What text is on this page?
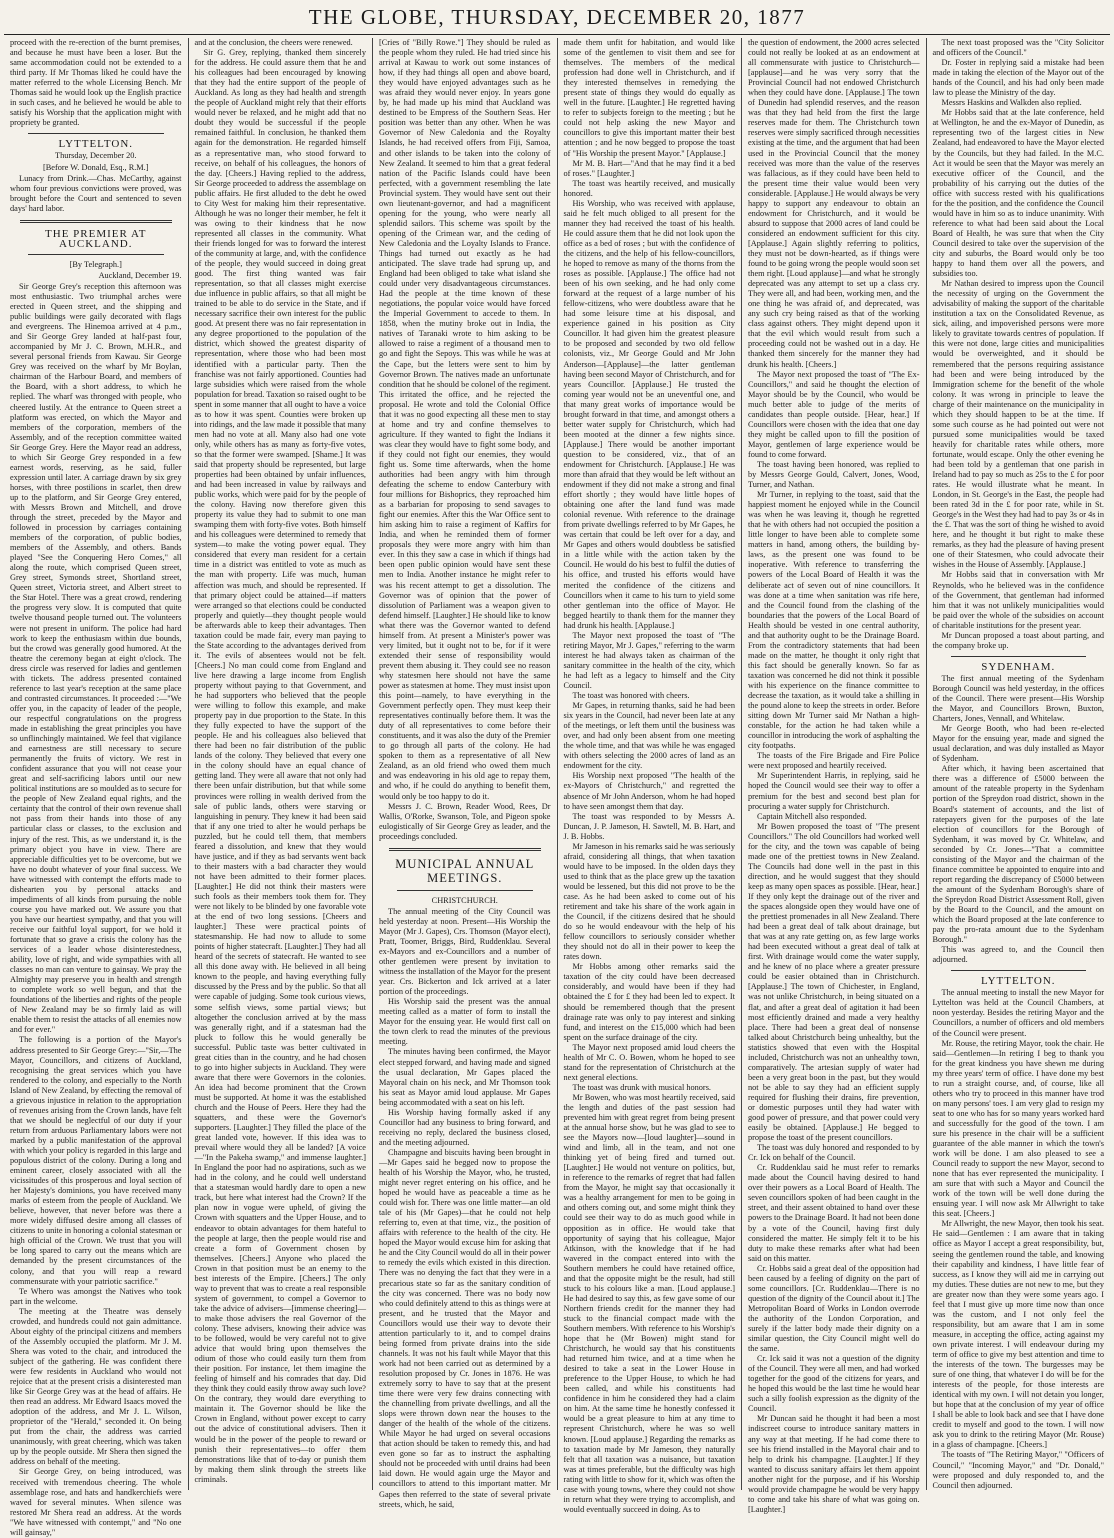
THE GLOBE, THURSDAY, DECEMBER 20, 1877

proceed with the re-erection of the burnt premises, and because he must have been a loser. But the same accommodation could not be extended to a third party. If Mr Thomas liked he could have the matter referred to the whole Licensing Bench. Mr Thomas said he would look up the English practice in such cases, and he believed he would be able to satisfy his Worship that the application might with propriety be granted.

LYTTELTON.
Thursday, December 20.
[Before W. Donald, Esq., R.M.]

Lunacy from Drink.—Chas. McCarthy, against whom four previous convictions were proved, was brought before the Court and sentenced to seven days' hard labor.

THE PREMIER AT AUCKLAND.
[By Telegraph.]
Auckland, December 19.

Sir George Grey's reception this afternoon was most enthusiastic. Two triumphal arches were erected in Queen street, and the shipping and public buildings were gaily decorated with flags and evergreens. The Hinemoa arrived at 4 p.m., and Sir George Grey landed at half-past four, accompanied by Mr J. C. Brown, M.H.R., and several personal friends from Kawau. Sir George Grey was received on the wharf by Mr Boylan, chairman of the Harbour Board, and members of the Board, with a short address, to which he replied. The wharf was thronged with people, who cheered lustily. At the entrance to Queen street a platform was erected, on which the Mayor and members of the corporation, members of the Assembly, and of the reception committee waited Sir George Grey. Here the Mayor read an address, to which Sir George Grey responded in a few earnest words, reserving, as he said, fuller expression until later. A carriage drawn by six grey horses, with three postilions in scarlet, then drew up to the platform, and Sir George Grey entered, with Messrs Brown and Mitchell, and drove through the street, preceded by the Mayor and followed in procession by carriages containing members of the corporation, of public bodies, members of the Assembly, and others. Bands played "See the Conquering Hero Comes," all along the route, which comprised Queen street, Grey street, Symonds street, Shortland street, Queen street, Victoria street, and Albert street to the Star Hotel. There was a great crowd, rendering the progress very slow. It is computed that quite twelve thousand people turned out. The volunteers were not present in uniform. The police had hard work to keep the enthusiasm within due bounds, but the crowd was generally good humored. At the theatre the ceremony began at eight o'clock. The dress circle was reserved for ladies and gentlemen with tickets. The address presented contained reference to last year's reception at the same place and contrasted circumstances. It proceeded :—"We offer you, in the capacity of leader of the people, our respectful congratulations on the progress made in establishing the great principles you have so unflinchingly maintained. We feel that vigilance and earnestness are still necessary to secure permanently the fruits of victory. We rest in confident assurance that you will not cease your great and self-sacrificing labors until our new political institutions are so moulded as to secure for the people of New Zealand equal rights, and the certainty that the control of their own revenue shall not pass from their hands into those of any particular class or classes, to the exclusion and injury of the rest. This, as we understand it, is the primary object you have in view. There are appreciable difficulties yet to be overcome, but we have no doubt whatever of your final success. We have witnessed with contempt the efforts made to dishearten you by personal attacks and impediments of all kinds from pursuing the noble course you have marked out. We assure you that you have our heartiest sympathy, and that you will receive our faithful loyal support, for we hold it fortunate that so grave a crisis the colony has the services of a leader whose disinterestedness, ability, love of right, and wide sympathies with all classes no man can venture to gainsay. We pray the Almighty may preserve you in health and strength to complete work so well begun, and that the foundations of the liberties and rights of the people of New Zealand may be so firmly laid as will enable them to resist the attacks of all enemies now and for ever."

The following is a portion of the Mayor's address presented to Sir George Grey:—"Sir,—The Mayor, Councillors, and citizens of Auckland, recognising the great services which you have rendered to the colony, and especially to the North Island of New Zealand, by effecting the removal of a grievous injustice in relation to the appropriation of revenues arising from the Crown lands, have felt that we should be neglectful of our duty if your return from arduous Parliamentary labors were not marked by a public manifestation of the approval with which your policy is regarded in this large and populous district of the colony. During a long and eminent career, closely associated with all the vicissitudes of this prosperous and loyal section of her Majesty's dominions, you have received many marks of esteem from the people of Auckland. We believe, however, that never before was there a more widely diffused desire among all classes of citizens to unite in honoring a colonial statesman or high official of the Crown. We trust that you will be long spared to carry out the means which are demanded by the present circumstances of the colony, and that you will reap a reward commensurate with your patriotic sacrifice."

Te Whero was amongst the Natives who took part in the welcome.

The meeting at the Theatre was densely crowded, and hundreds could not gain admittance. About eighty of the principal citizens and members of the Assembly occupied the platform. Mr J. M. Shera was voted to the chair, and introduced the subject of the gathering. He was confident there were few residents in Auckland who would not rejoice that at the present crisis a disinterested man like Sir George Grey was at the head of affairs. He then read an address. Mr Edward Isaacs moved the adoption of the address, and Mr J. L. Wilson, proprietor of the "Herald," seconded it. On being put from the chair, the address was carried unanimously, with great cheering, which was taken up by the people outside. Mr Shera then signed the address on behalf of the meeting.

Sir George Grey, on being introduced, was received with tremendous cheering. The whole assemblage rose, and hats and handkerchiefs were waved for several minutes. When silence was restored Mr Shera read an address. At the words "We have witnessed with contempt," and "No one will gainsay,"

and at the conclusion, the cheers were renewed.

Sir G. Grey, replying, thanked them sincerely for the address. He could assure them that he and his colleagues had been encouraged by knowing that they had the entire support of the people of Auckland. As long as they had health and strength the people of Auckland might rely that their efforts would never be relaxed, and he might add that no doubt they would be successful if the people remained faithful. In conclusion, he thanked them again for the demonstration. He regarded himself as a representative man, who stood forward to receive, on behalf of his colleagues, the honors of the day. [Cheers.] Having replied to the address, Sir George proceeded to address the assemblage on public affairs. He first alluded to the debt he owed to City West for making him their representative. Although he was no longer their member, he felt it was owing to their kindness that he now represented all classes in the community. What their friends longed for was to forward the interest of the community at large, and, with the confidence of the people, they would succeed in doing great good. The first thing wanted was fair representation, so that all classes might exercise due influence in public affairs, so that all might be trained to be able to do service in the State, and if necessary sacrifice their own interest for the public good. At present there was no fair representation in any degree proportioned to the population of the district, which showed the greatest disparity of representation, where those who had been most identified with a particular party. Then the franchise was not fairly apportioned. Counties had large subsidies which were raised from the whole population for bread. Taxation so raised ought to be spent in some manner that all ought to have a voice as to how it was spent. Counties were broken up into ridings, and the law made it possible that many men had no vote at all. Many also had one vote only, while others has as many as forty-five votes, so that the former were swamped. [Shame.] It was said that property should be represented, but large properties had been obtained by unfair influences, and had been increased in value by railways and public works, which were paid for by the people of the colony. Having now therefore given this property its value they had to submit to one man swamping them with forty-five votes. Both himself and his colleagues were determined to remedy that system—to make the voting power equal. They considered that every man resident for a certain time in a district was entitled to vote as much as the man with property. Life was much, human affection was much, and should be represented. If that primary object could be attained—if matters were arranged so that elections could be conducted properly and quietly—they thought people would be afterwards able to keep their advantages. Then taxation could be made fair, every man paying to the State according to the advantages derived from it. The evils of absentees would not be felt. [Cheers.] No man could come from England and live here drawing a large income from English property without paying to that Government, and he had supporters who believed that the people were willing to follow this example, and make property pay in due proportion to the State. In this they fully expected to have the support of the people. He and his colleagues also believed that there had been no fair distribution of the public lands of the colony. They believed that every one in the colony should have an equal chance of getting land. They were all aware that not only had there been unfair distribution, but that while some provinces were rolling in wealth derived from the sale of public lands, others were starving or languishing in penury. They knew it had been said that if any one tried to alter he would perhaps be puzzled, but he could tell them, that members feared a dissolution, and knew that they would have justice, and if they as bad servants went back to their masters with a bad character they would not have been admitted to their former places. [Laughter.] He did not think their masters were such fools as their members took them for. They were not likely to be blinded by one favorable vote at the end of two long sessions. [Cheers and laughter.] These were practical points of statesmanship. He had now to allude to some points of higher statecraft. [Laughter.] They had all heard of the secrets of statecraft. He wanted to see all this done away with. He believed in all being known to the people, and having everything fully discussed by the Press and by the public. So that all were capable of judging. Some took curious views, some selfish views, some partial views; but altogether the conclusion arrived at by the mass was generally right, and if a statesman had the pluck to follow this he would generally be successful. Public taste was better cultivated in great cities than in the country, and he had chosen to go into higher subjects in Auckland. They were aware that there were Governors in the colonies. An idea had become prominent that the Crown must be supported. At home it was the established church and the House of Peers. Here they had the squatters, and these were the Governor's supporters. [Laughter.] They filled the place of the great landed vote, however. If this idea was to prevail where would they all be landed? [A voice—"In the Pakeha swamp," and immense laughter.] In England the poor had no aspirations, such as we had in the colony, and he could well understand that a statesman would hardly dare to open a new track, but here what interest had the Crown? If the plan now in vogue were upheld, of giving the Crown with squatters and the Upper House, and to endeavor to obtain advantages for them hateful to the people at large, then the people would rise and create a form of Government chosen by themselves. [Cheers.] Anyone who placed the Crown in that position must be an enemy to the best interests of the Empire. [Cheers.] The only way to prevent that was to create a real responsible system of government, to compel a Governor to take the advice of advisers—[immense cheering]—to make those advisers the real Governor of the colony. These advisers, knowing their advice was to be followed, would be very careful not to give advice that would bring upon themselves the odium of those who could easily turn them from their position. For instance, let them imagine the feeling of himself and his comrades that day. Did they think they could easily throw away such love? On the contrary, they would dare everything to maintain it. The Governor should be like the Crown in England, without power except to carry out the advice of constitutional advisers. Then it would be in the power of the people to reward or punish their representatives—to offer them demonstrations like that of to-day or punish them by making them slink through the streets like criminals.

[Cries of "Billy Rowe."] They should be ruled as the people whom they ruled. He had tried since his arrival at Kawau to work out some instances of how, if they had things all open and above board, they would have enjoyed advantages such as he was afraid they would never enjoy. In years gone by, he had made up his mind that Auckland was destined to be Empress of the Southern Seas. Her position was better than any other. When he was Governor of New Caledonia and the Royalty Islands, he had received offers from Fiji, Samoa, and other islands to be taken into the colony of New Zealand. It seemed to him that a great federal nation of the Pacific Islands could have been perfected, with a government resembling the late Provincial system. They would have sent out their own lieutenant-governor, and had a magnificent opening for the young, who were nearly all splendid sailors. This scheme was spoilt by the opening of the Crimean war, and the ceding of New Caledonia and the Loyalty Islands to France. Things had turned out exactly as he had anticipated. The slave trade had sprung up, and England had been obliged to take what island she could under very disadvantageous circumstances. Had the people at the time known of these negotiations, the popular voice would have forced the Imperial Government to accede to them. In 1858, when the mutiny broke out in India, the natives of Taranaki wrote to him asking to be allowed to raise a regiment of a thousand men to go and fight the Sepoys. This was while he was at the Cape, but the letters were sent to him by Governor Brown. The natives made an unfortunate condition that he should be colonel of the regiment. This irritated the office, and he rejected the proposal. He wrote and told the Colonial Office that it was no good expecting all these men to stay at home and try and confine themselves to agriculture. If they wanted to fight the Indians it was clear they would have to fight some body, and if they could not fight our enemies, they would fight us. Some time afterwards, when the home authorities had been angry with him through defeating the scheme to endow Canterbury with four millions for Bishoprics, they reproached him as a barbarian for proposing to send savages to fight our enemies. After this the War Office sent to him asking him to raise a regiment of Kaffirs for India, and when he reminded them of former proposals they were more angry with him than ever. In this they saw a case in which if things had been open public opinion would have sent these men to India. Another instance he might refer to was his recent attempt to get a dissolution. The Governor was of opinion that the power of dissolution of Parliament was a weapon given to defend himself. [Laughter.] He should like to know what there was the Governor wanted to defend himself from. At present a Minister's power was very limited, but it ought not to be, for if it were extended their sense of responsibility would prevent them abusing it. They could see no reason why statesmen here should not have the same power as statesmen at home. They must insist upon this point—namely, to have everything in the Government perfectly open. They must keep their representatives continually before them. It was the duty of all representatives to come before their constituents, and it was also the duty of the Premier to go through all parts of the colony. He had spoken to them as a representative of all New Zealand, as an old friend who owed them much and was endeavoring in his old age to repay them, and who, if he could do anything to benefit them, would only be too happy to do it.

Messrs J. C. Brown, Reader Wood, Rees, Dr Wallis, O'Rorke, Swanson, Tole, and Pigeon spoke eulogistically of Sir George Grey as leader, and the proceedings concluded.

MUNICIPAL ANNUAL MEETINGS.
CHRISTCHURCH.

The annual meeting of the City Council was held yesterday at noon. Present—His Worship the Mayor (Mr J. Gapes), Crs. Thomson (Mayor elect), Pratt, Toomer, Briggs, Bird, Ruddenklau. Several ex-Mayors and ex-Councillors and a number of other gentlemen were present by invitation to witness the installation of the Mayor for the present year. Crs. Bickerton and Ick arrived at a later portion of the proceedings.

His Worship said the present was the annual meeting called as a matter of form to install the Mayor for the ensuing year. He would first call on the town clerk to read the minutes of the previous meeting.

The minutes having been confirmed, the Mayor elect stepped forward, and having made and signed the usual declaration, Mr Gapes placed the Mayoral chain on his neck, and Mr Thomson took his seat as Mayor amid loud applause. Mr Gapes being accommodated with a seat on his left.

His Worship having formally asked if any Councillor had any business to bring forward, and receiving no reply, declared the business closed, and the meeting adjourned.

Champagne and biscuits having been brought in—Mr Gapes said he begged now to propose the health of his Worship the Mayor, who, he trusted, might never regret entering on his office, and he hoped he would have as peaceable a time as he could wish for. There was one little matter—an old tale of his (Mr Gapes)—that he could not help referring to, even at that time, viz., the position of affairs with reference to the health of the city. He hoped the Mayor would excuse him for asking that he and the City Council would do all in their power to remedy the evils which existed in this direction. There was no denying the fact that they were in a precarious state so far as the sanitary condition of the city was concerned. There was no body now who could definitely attend to this as things were at present, and he trusted that the Mayor and Councillors would use their way to devote their attention particularly to it, and to compel drains being formed from private drains into the side channels. It was not his fault while Mayor that this work had not been carried out as determined by a resolution proposed by Cr. Jones in 1876. He was extremely sorry to have to say that at the present time there were very few drains connecting with the channelling from private dwellings, and all the slops were thrown down near the houses to the danger of the health of the whole of the citizens. While Mayor he had urged on several occasions that action should be taken to remedy this, and had even gone so far as to instruct the asphalting should not be proceeded with until drains had been laid down. He would again urge the Mayor and councillors to attend to this important matter. Mr Gapes then referred to the state of several private streets, which, he said,

made them unfit for habitation, and would like some of the gentlemen to visit them and see for themselves. The members of the medical profession had done well in Christchurch, and if they interested themselves in remedying the present state of things they would do equally as well in the future. [Laughter.] He regretted having to refer to subjects foreign to the meeting ; but he could not help asking the new Mayor and councillors to give this important matter their best attention ; and he now begged to propose the toast of "His Worship the present Mayor." [Applause.]

Mr M. B. Hart—"And that he may find it a bed of roses." [Laughter.]

The toast was heartily received, and musically honored.

His Worship, who was received with applause, said he felt much obliged to all present for the manner they had received the toast of his health. He could assure them that he did not look upon the office as a bed of roses ; but with the confidence of the citizens, and the help of his fellow-councillors, he hoped to remove as many of the thorns from the roses as possible. [Applause.] The office had not been of his own seeking, and he had only come forward at the request of a large number of his fellow-citizens, who were doubtless aware that he had some leisure time at his disposal, and experience gained in his position as City Councillor. It had given him the greatest pleasure to be proposed and seconded by two old fellow colonists, viz., Mr George Gould and Mr John Anderson—[Applause]—the latter gentleman having been second Mayor of Christchurch, and for years Councillor. [Applause.] He trusted the coming year would not be an uneventful one, and that many great works of importance would be brought forward in that time, and amongst others a better water supply for Christchurch, which had been mooted at the dinner a few nights since. [Applause.] There would be another important question to be considered, viz., that of an endowment for Christchurch. [Applause.] He was more than afraid that they would be left without an endowment if they did not make a strong and final effort shortly ; they would have little hopes of obtaining one after the land fund was made colonial revenue. With reference to the drainage from private dwellings referred to by Mr Gapes, he was certain that could be left over for a day, and Mr Gapes and others would doubtless be satisfied in a little while with the action taken by the Council. He would do his best to fulfil the duties of his office, and trusted his efforts would have merited the confidence of the citizens and Councillors when it came to his turn to yield some other gentleman into the office of Mayor. He begged heartily to thank them for the manner they had drunk his health. [Applause.]

The Mayor next proposed the toast of "The retiring Mayor, Mr J. Gapes," referring to the warm interest he had always taken as chairman of the sanitary committee in the health of the city, which he had left as a legacy to himself and the City Council.

The toast was honored with cheers.

Mr Gapes, in returning thanks, said he had been six years in the Council, had never been late at any of the meetings, or left them until the business was over, and had only been absent from one meeting the whole time, and that was while he was engaged with others selecting the 2000 acres of land as an endowment for the city.

His Worship next proposed "The health of the ex-Mayors of Christchurch," and regretted the absence of Mr John Anderson, whom he had hoped to have seen amongst them that day.

The toast was responded to by Messrs A. Duncan, J. P. Jameson, H. Sawtell, M. B. Hart, and J. B. Hobbs.

Mr Jameson in his remarks said he was seriously afraid, considering all things, that when taxation would have to be imposed. In the olden days they used to think that as the place grew up the taxation would be lessened, but this did not prove to be the case. As he had been asked to come out of his retirement and take his share of the work again in the Council, if the citizens desired that he should do so he would endeavour with the help of his fellow councillors to seriously consider whether they should not do all in their power to keep the rates down.

Mr Hobbs among other remarks said the taxation of the city could have been decreased considerably, and would have been if they had obtained the £ for £ they had been led to expect. It should be remembered though that the present drainage rate was only to pay interest and sinking fund, and interest on the £15,000 which had been spent on the surface drainage of the city.

The Mayor next proposed amid loud cheers the health of Mr C. O. Bowen, whom he hoped to see stand for the representation of Christchurch at the next general elections.

The toast was drunk with musical honors.

Mr Bowen, who was most heartily received, said the length and duties of the past session had prevented him with great regret from being present at the annual horse show, but he was glad to see to see the Mayors now—[loud laughter]—sound in wind and limb, all in the team, and not one thinking yet of being fired and turned out. [Laughter.] He would not venture on politics, but, in reference to the remarks of regret that had fallen from the Mayor, he might say that occasionally it was a healthy arrangement for men to be going in and others coming out, and some might think they could see their way to do as much good while in opposition as in office. He would take that opportunity of saying that his colleague, Major Atkinson, with the knowledge that if he had wavered in the compact entered into with the Southern members he could have retained office, and that the opposite might be the result, had still stuck to his colours like a man. [Loud applause.] He had desired to say this, as few gave some of our Northern friends credit for the manner they had stuck to the financial compact made with the Southern members. With reference to his Worship's hope that he (Mr Bowen) might stand for Christchurch, he would say that his constituents had returned him twice, and at a time when he desired to take a seat in the Lower House in preference to the Upper House, to which he had been called, and while his constituents had confidence in him he considered they had a claim on him. At the same time he honestly confessed it would be a great pleasure to him at any time to represent Christchurch, where he was so well known. [Loud applause.] Regarding the remarks as to taxation made by Mr Jameson, they naturally felt that all taxation was a nuisance, but taxation was at times preferable, but the difficulty was high rating with little to show for it, which was often the case with young towns, where they could not show in return what they were trying to accomplish, and would eventually succeed in doing. As to

the question of endowment, the 2000 acres selected could not really be looked at as an endowment at all commensurate with justice to Christchurch—[applause]—and he was very sorry that the Provincial Council had not endowed Christchurch when they could have done. [Applause.] The town of Dunedin had splendid reserves, and the reason was that they had held from the first the large reserves made for them. The Christchurch town reserves were simply sacrificed through necessities existing at the time, and the argument that had been used in the Provincial Council that the money received was more than the value of the reserves was fallacious, as if they could have been held to the present time their value would been very considerable. [Applause.] He would always be very happy to support any endeavour to obtain an endowment for Christchurch, and it would be absurd to suppose that 2000 acres of land could be considered an endowment sufficient for this city. [Applause.] Again slightly referring to politics, they must not be down-hearted, as if things were found to be going wrong the people would soon set them right. [Loud applause]—and what he strongly deprecated was any attempt to set up a class cry. They were all, and had been, working men, and the one thing he was afraid of, and deprecated, was any such cry being raised as that of the working class against others. They might depend upon it that the evil which would result from such a proceeding could not be washed out in a day. He thanked them sincerely for the manner they had drunk his health. [Cheers.]

The Mayor next proposed the toast of "The Ex-Councillors," and said he thought the election of Mayor should be by the Council, who would be much better able to judge of the merits of candidates than people outside. [Hear, hear.] If Councillors were chosen with the idea that one day they might be called upon to fill the position of Mayor, gentlemen of large experience would be found to come forward.

The toast having been honored, was replied to by Messrs George Gould, Calvert, Jones, Wood, Turner, and Nathan.

Mr Turner, in replying to the toast, said that the happiest moment he enjoyed while in the Council was when he was leaving it, though he regretted that he with others had not occupied the position a little longer to have been able to complete some matters in hand, among others, the building by-laws, as the present one was found to be inoperative. With reference to transferring the powers of the Local Board of Health it was the deliberate act of seven out of nine councillors. It was done at a time when sanitation was rife here, and the Council found from the clashing of the boundaries that the powers of the Local Board of Health should be vested in one central authority, and that authority ought to be the Drainage Board. From the contradictory statements that had been made on the matter, he thought it only right that this fact should be generally known. So far as taxation was concerned he did not think it possible with his experience on the finance committee to decrease the taxation, as it would take a shilling in the pound alone to keep the streets in order. Before sitting down Mr Turner said Mr Nathan a high-constable, for the action he had taken while a councillor in introducing the work of asphalting the city footpaths.

The toasts of the Fire Brigade and Fire Police were next proposed and heartily received.

Mr Superintendent Harris, in replying, said he hoped the Council would see their way to offer a premium for the best and second best plan for procuring a water supply for Christchurch.

Captain Mitchell also responded.

Mr Bowen proposed the toast of "The present Councillors." The old Councillors had worked well for the city, and the town was capable of being made one of the prettiest towns in New Zealand. The Councils had done well in the past in this direction, and he would suggest that they should keep as many open spaces as possible. [Hear, hear.] If they only kept the drainage out of the river and the spaces alongside open they would have one of the prettiest promenades in all New Zealand. There had been a great deal of talk about drainage, but that was at any rate getting on, as few large works had been executed without a great deal of talk at first. With drainage would come the water supply, and he knew of no place where a greater pressure could be easier obtained than in Christchurch. [Applause.] The town of Chichester, in England, was not unlike Christchurch, in being situated on a flat, and after a great deal of agitation it had been most efficiently drained and made a very healthy place. There had been a great deal of nonsense talked about Christchurch being unhealthy, but the statistics showed that even with the Hospital included, Christchurch was not an unhealthy town, comparatively. The artesian supply of water had been a very great boon in the past, but they would not be able to say they had an efficient supply required for flushing their drains, fire prevention, or domestic purposes until they had water with good power of pressure, and that power could very easily be obtained. [Applause.] He begged to propose the toast of the present councillors.

The toast was duly honored and responded to by Cr. Ick on behalf of the Council.

Cr. Ruddenklau said he must refer to remarks made about the Council having desired to hand over their powers as a Local Board of Health. The seven councillors spoken of had been caught in the street, and their assent obtained to hand over these powers to the Drainage Board. It had not been done by a vote of the Council, having first duly considered the matter. He simply felt it to be his duty to make these remarks after what had been said on this matter.

Cr. Hobbs said a great deal of the opposition had been caused by a feeling of dignity on the part of some councillors. [Cr. Ruddenklau—There is no question of the dignity of the Council about it.] The Metropolitan Board of Works in London overrode the authority of the London Corporation, and surely if the latter body made their dignity on a similar question, the City Council might well do the same.

Cr. Ick said it was not a question of the dignity of the Council. They were all men, and had worked together for the good of the citizens for years, and he hoped this would be the last time he would hear such a silly foolish expression as the dignity of the Council.

Mr Duncan said he thought it had been a most indiscreet course to introduce sanitary matters in any way at that meeting. If he had come there to see his friend installed in the Mayoral chair and to help to drink his champagne. [Laughter.] If they wanted to discuss sanitary affairs let them appoint another night for the purpose, and if his Worship would provide champagne he would be very happy to come and take his share of what was going on. [Laughter.]

The next toast proposed was the "City Solicitor and officers of the Council."

Dr. Foster in replying said a mistake had been made in taking the election of the Mayor out of the hands of the Council, and his had only been made law to please the Ministry of the day.

Messrs Haskins and Walkden also replied.

Mr Hobbs said that at the late conference, held at Wellington, he and the ex-Mayor of Dunedin, as representing two of the largest cities in New Zealand, had endeavored to have the Mayor elected by the Councils, but they had failed. In the M.C. Act it would be seen that the Mayor was merely an executive officer of the Council, and the probability of his carrying out the duties of the office with success rested with his qualifications for the the position, and the confidence the Council would have in him so as to induce unanimity. With reference to what had been said about the Local Board of Health, he was sure that when the City Council desired to take over the supervision of the city and suburbs, the Board would only be too happy to hand them over all the powers, and subsidies too.

Mr Nathan desired to impress upon the Council the necessity of urging on the Government the advisability of making the support of the charitable institution a tax on the Consolidated Revenue, as sick, ailing, and impoverished persons were more likely to gravitate towards centres of population. If this were not done, large cities and municipalities would be overweighted, and it should be remembered that the persons requiring assistance had been and were being introduced by the Immigration scheme for the benefit of the whole colony. It was wrong in principle to leave the charge of their maintenance on the municipality in which they should happen to be at the time. If some such course as he had pointed out were not pursued some municipalities would be taxed heavily for charitable rates while others, more fortunate, would escape. Only the other evening he had been told by a gentleman that one parish in Ireland had to pay so much as 25s to the £ for poor rates. He would illustrate what he meant. In London, in St. George's in the East, the people had been rated 3d in the £ for poor rate, while in St. George's in the West they had had to pay 3s or 4s in the £. That was the sort of thing he wished to avoid here, and he thought it but right to make these remarks, as they had the pleasure of having present one of their Statesmen, who could advocate their wishes in the House of Assembly. [Applause.]

Mr Hobbs said that in conversation with Mr Reynolds, who he believed was in the confidence of the Government, that gentleman had informed him that it was not unlikely municipalities would be paid over the whole of the subsidies on account of charitable institutions for the present year.

Mr Duncan proposed a toast about parting, and the company broke up.

SYDENHAM.

The first annual meeting of the Sydenham Borough Council was held yesterday, in the offices of the Council. There were present—His Worship the Mayor, and Councillors Brown, Buxton, Charters, Jones, Vennall, and Whitelaw.

Mr George Booth, who had been re-elected Mayor for the ensuing year, made and signed the usual declaration, and was duly installed as Mayor of Sydenham.

After which, it having been ascertained that there was a difference of £5000 between the amount of the rateable property in the Sydenham portion of the Spreydon road district, shown in the Board's statement of accounts, and the list of ratepayers given for the purposes of the late election of councillors for the Borough of Sydenham, it was moved by Cr. Whitelaw, and seconded by Cr. Jones—"That a committee consisting of the Mayor and the chairman of the finance committee be appointed to enquire into and report regarding the discrepancy of £5000 between the amount of the Sydenham Borough's share of the Spreydon Road District Assessment Roll, given by the Board to the Council, and the amount on which the Board proposed at the late conference to pay the pro-rata amount due to the Sydenham Borough."

This was agreed to, and the Council then adjourned.

LYTTELTON.

The annual meeting to install the new Mayor for Lyttelton was held at the Council Chambers, at noon yesterday. Besides the retiring Mayor and the Councillors, a number of officers and old members of the Council were present.

Mr. Rouse, the retiring Mayor, took the chair. He said—Gentlemen—In retiring I beg to thank you for the great kindness you have shewn me during my three years' term of office. I have done my best to run a straight course, and, of course, like all others who try to proceed in this manner have trod on many persons' toes. I am very glad to resign my seat to one who has for so many years worked hard and successfully for the good of the town. I am sure his presence in the chair will be a sufficient guarantee of the able manner in which the town's work will be done. I am also pleased to see a Council ready to support the new Mayor, second to none that has ever represented the municipality. I am sure that with such a Mayor and Council the work of the town will be well done during the ensuing year. I will now ask Mr Allwright to take this seat. [Cheers.]

Mr Allwright, the new Mayor, then took his seat. He said—Gentlemen : I am aware that in taking office as Mayor I accept a great responsibility, but, seeing the gentlemen round the table, and knowing their capability and kindness, I have little fear of success, as I know they will aid me in carrying out my duties. These duties are not new to me, but they are greater now than they were some years ago. I feel that I must give up more time now than once was the custom, and I not only feel the responsibility, but am aware that I am in some measure, in accepting the office, acting against my own private interest. I will endeavour during my term of office to give my best attention and time to the interests of the town. The burgesses may be sure of one thing, that whatever I do will be for the interests of the people, for those interests are identical with my own. I will not detain you longer, but hope that at the conclusion of my year of office I shall be able to look back and see that I have done credit to myself and good to the town. I will now ask you to drink to the retiring Mayor (Mr. Rouse) in a glass of champagne. [Cheers.]

The toasts of "The Retiring Mayor," "Officers of Council," "Incoming Mayor," and "Dr. Donald," were proposed and duly responded to, and the Council then adjourned.
